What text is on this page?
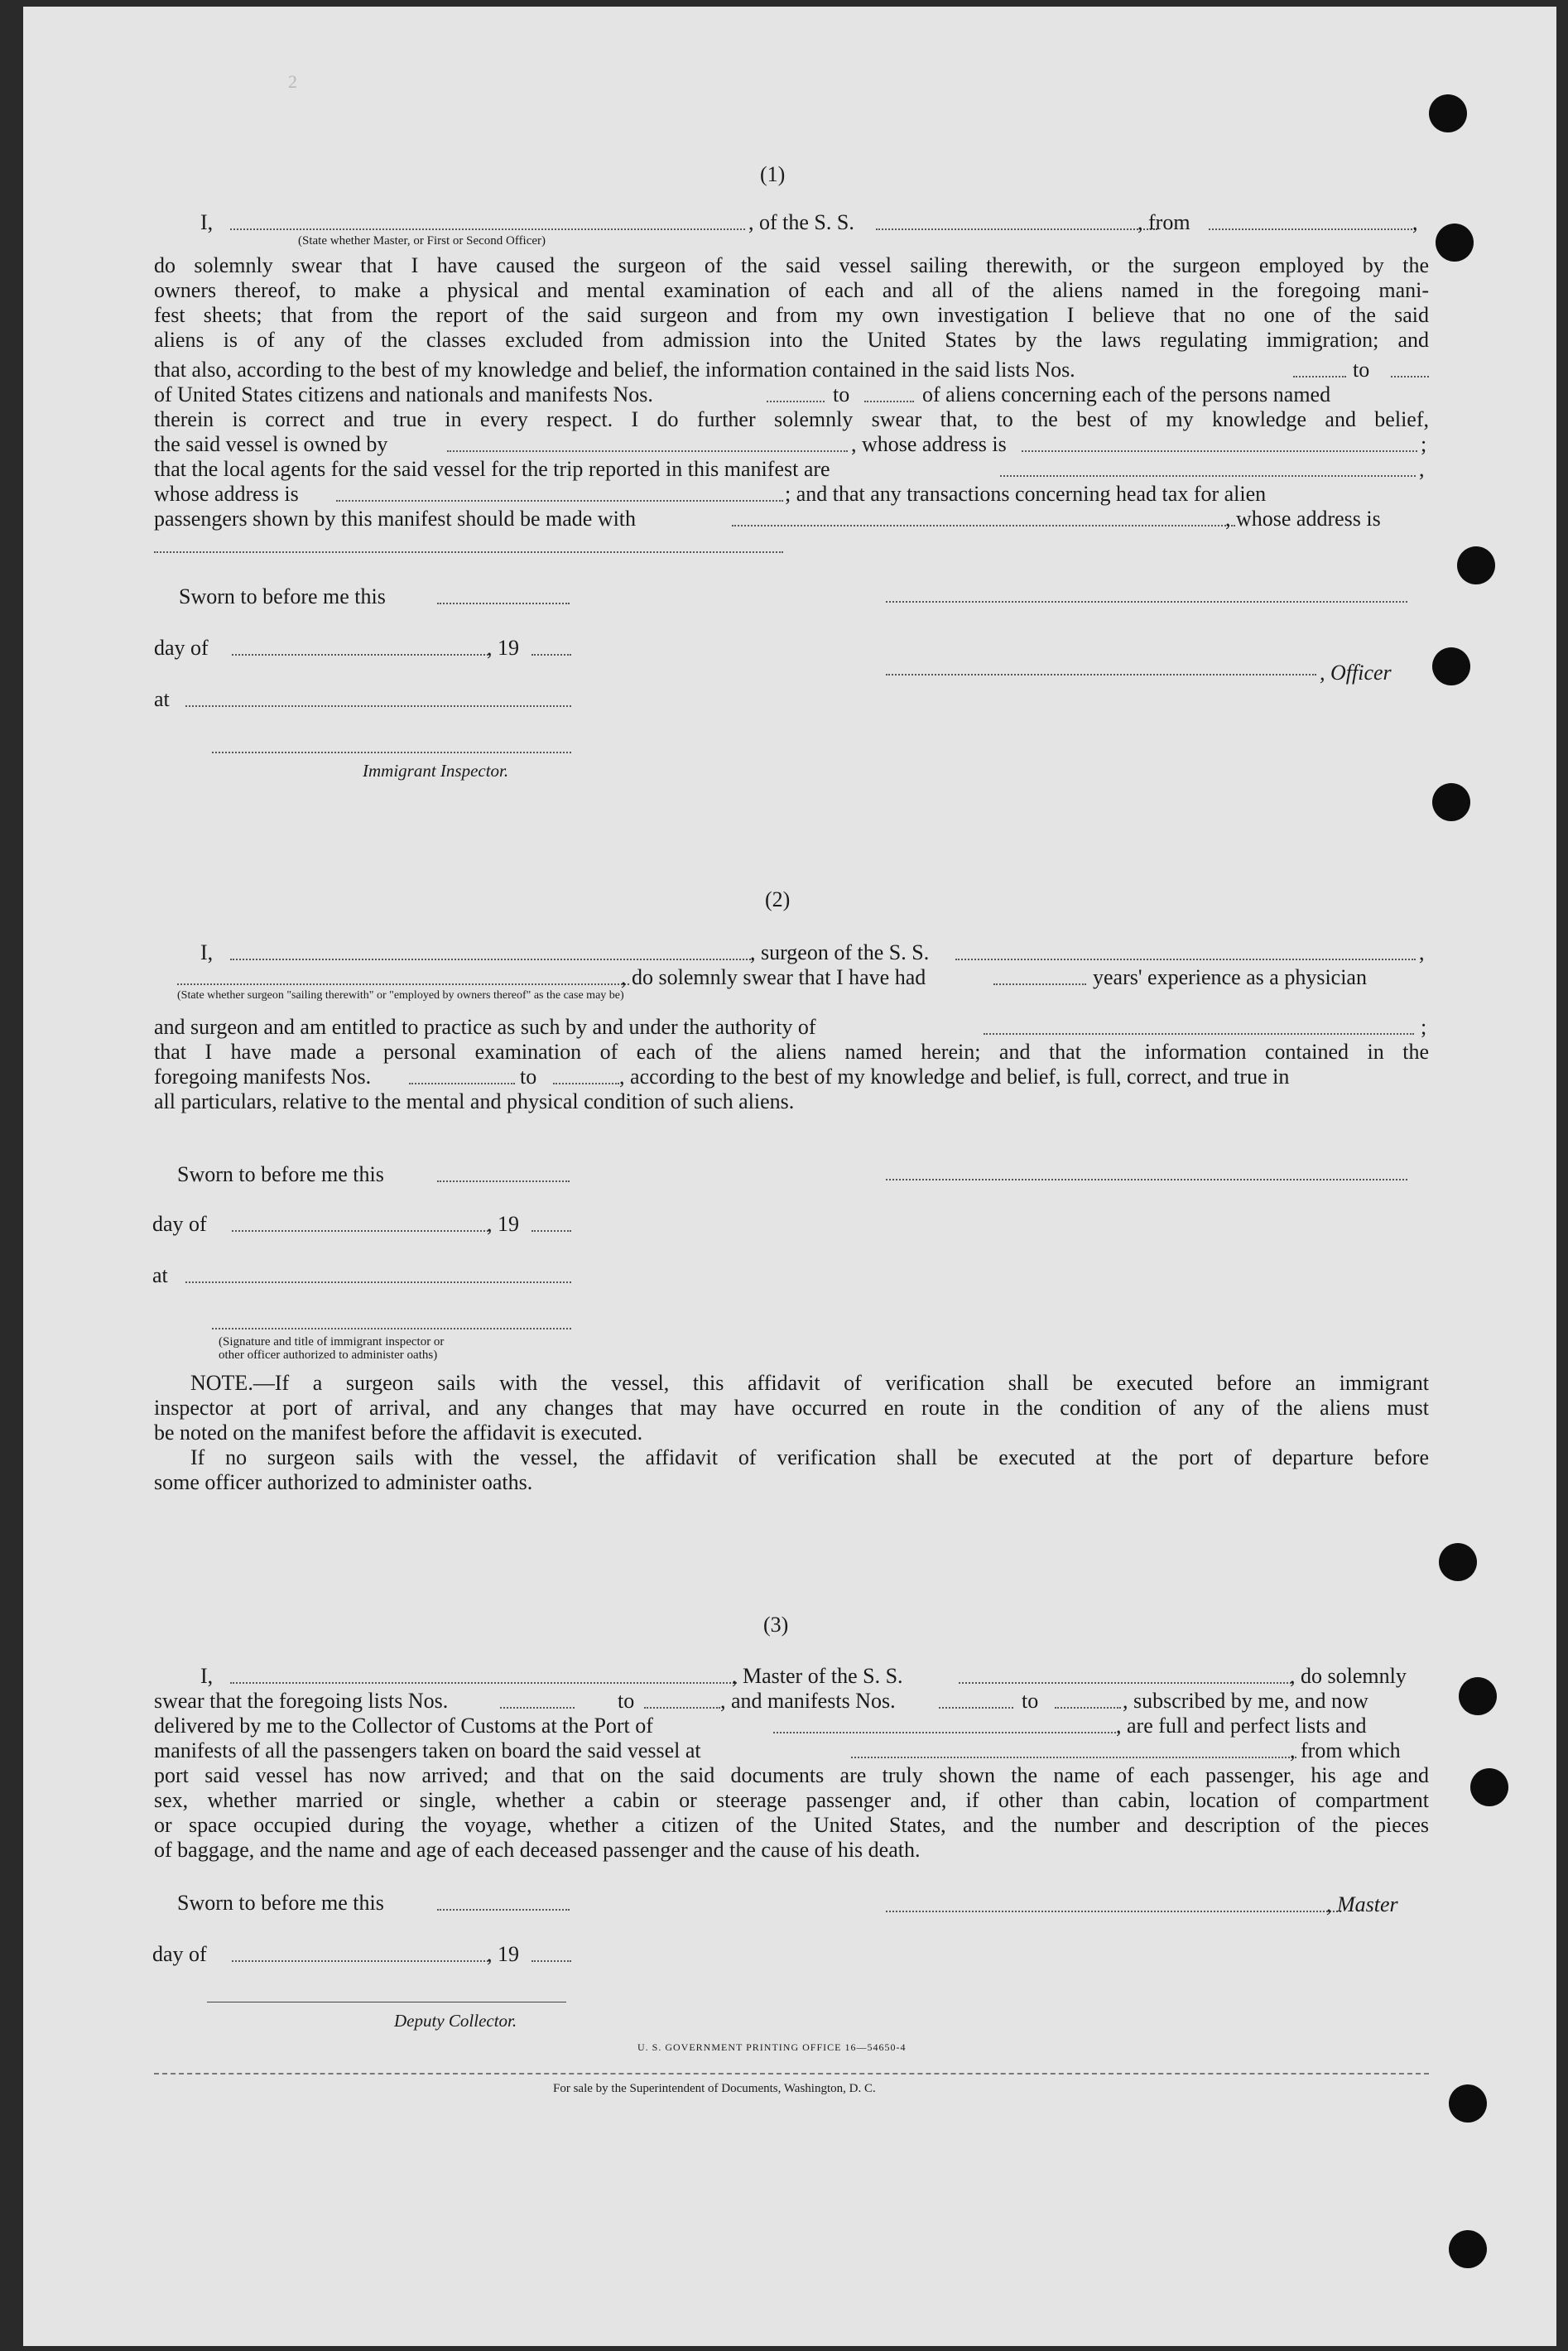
2
(1)
I,	, of the S. S.	, from	,
(State whether Master, or First or Second Officer)
do solemnly swear that I have caused the surgeon of the said vessel sailing therewith, or the surgeon employed by the
owners thereof, to make a physical and mental examination of each and all of the aliens named in the foregoing mani-
fest sheets; that from the report of the said surgeon and from my own investigation I believe that no one of the said
aliens is of any of the classes excluded from admission into the United States by the laws regulating immigration; and
that also, according to the best of my knowledge and belief, the information contained in the said lists Nos.	to
of United States citizens and nationals and manifests Nos.	to	of aliens concerning each of the persons named
therein is correct and true in every respect. I do further solemnly swear that, to the best of my knowledge and belief,
the said vessel is owned by	, whose address is	;
that the local agents for the said vessel for the trip reported in this manifest are	,
whose address is	; and that any transactions concerning head tax for alien
passengers shown by this manifest should be made with	, whose address is
Sworn to before me this
day of	, 19
, Officer
at
Immigrant Inspector.
(2)
I,	, surgeon of the S. S.	,
, do solemnly swear that I have had	years' experience as a physician
(State whether surgeon "sailing therewith" or "employed by owners thereof" as the case may be)
and surgeon and am entitled to practice as such by and under the authority of	;
that I have made a personal examination of each of the aliens named herein; and that the information contained in the
foregoing manifests Nos.	to	, according to the best of my knowledge and belief, is full, correct, and true in
all particulars, relative to the mental and physical condition of such aliens.
Sworn to before me this
day of	, 19
at
(Signature and title of immigrant inspector or
other officer authorized to administer oaths)
NOTE.—If a surgeon sails with the vessel, this affidavit of verification shall be executed before an immigrant
inspector at port of arrival, and any changes that may have occurred en route in the condition of any of the aliens must
be noted on the manifest before the affidavit is executed.
If no surgeon sails with the vessel, the affidavit of verification shall be executed at the port of departure before
some officer authorized to administer oaths.
(3)
I,	, Master of the S. S.	, do solemnly
swear that the foregoing lists Nos.	to	, and manifests Nos.	to	, subscribed by me, and now
delivered by me to the Collector of Customs at the Port of	, are full and perfect lists and
manifests of all the passengers taken on board the said vessel at	, from which
port said vessel has now arrived; and that on the said documents are truly shown the name of each passenger, his age and
sex, whether married or single, whether a cabin or steerage passenger and, if other than cabin, location of compartment
or space occupied during the voyage, whether a citizen of the United States, and the number and description of the pieces
of baggage, and the name and age of each deceased passenger and the cause of his death.
Sworn to before me this	, Master
day of	, 19
Deputy Collector.
U. S. GOVERNMENT PRINTING OFFICE 16—54650-4
For sale by the Superintendent of Documents, Washington, D. C.
